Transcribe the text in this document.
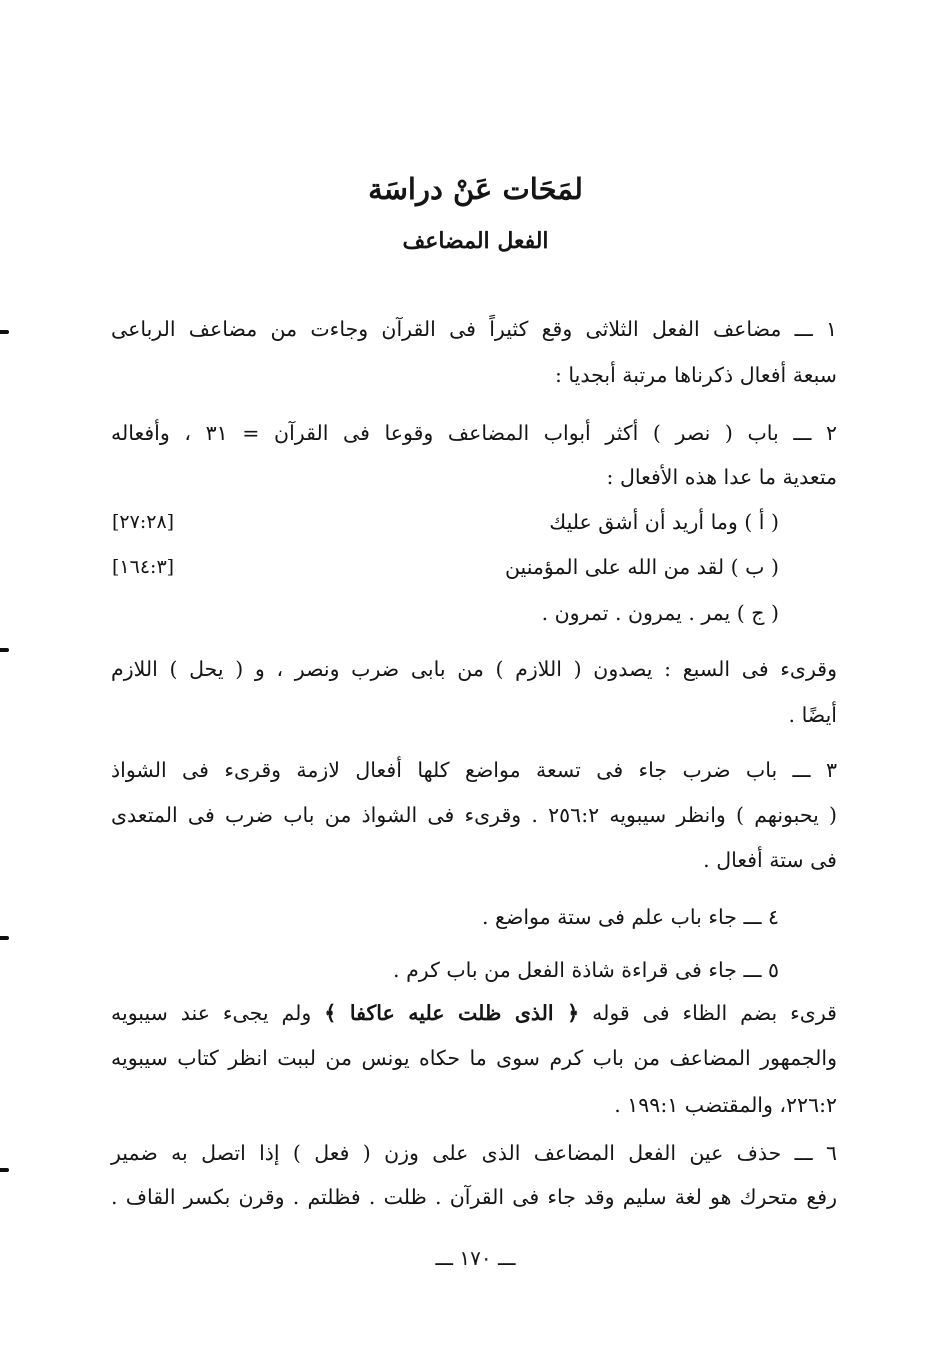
لمَحَات عَنْ دراسَة
الفعل المضاعف

١ ـــ مضاعف الفعل الثلاثى وقع كثيراً فى القرآن وجاءت من مضاعف الرباعى

سبعة أفعال ذكرناها مرتبة أبجديا :

٢ ـــ باب ( نصر ) أكثر أبواب المضاعف وقوعا فى القرآن = ٣١ ، وأفعاله

متعدية ما عدا هذه الأفعال :

( أ ) وما أريد أن أشق عليك

[٢٧:٢٨]

( ب ) لقد من الله على المؤمنين

[١٦٤:٣]

( ج ) يمر . يمرون . تمرون .

وقرىء فى السبع : يصدون ( اللازم ) من بابى ضرب ونصر ، و ( يحل ) اللازم

أيضًا .

٣ ـــ باب ضرب جاء فى تسعة مواضع كلها أفعال لازمة وقرىء فى الشواذ

( يحبونهم ) وانظر سيبويه ٢٥٦:٢ . وقرىء فى الشواذ من باب ضرب فى المتعدى

فى ستة أفعال .

٤ ـــ جاء باب علم فى ستة مواضع .

٥ ـــ جاء فى قراءة شاذة الفعل من باب كرم .

قرىء بضم الظاء فى قوله ﴿ الذى ظلت عليه عاكفا ﴾ ولم يجىء عند سيبويه

والجمهور المضاعف من باب كرم سوى ما حكاه يونس من لببت انظر كتاب سيبويه

٢٢٦:٢، والمقتضب ١٩٩:١ .

٦ ـــ حذف عين الفعل المضاعف الذى على وزن ( فعل ) إذا اتصل به ضمير

رفع متحرك هو لغة سليم وقد جاء فى القرآن . ظلت . فظلتم . وقرن بكسر القاف .

ـــ ١٧٠ ـــ
